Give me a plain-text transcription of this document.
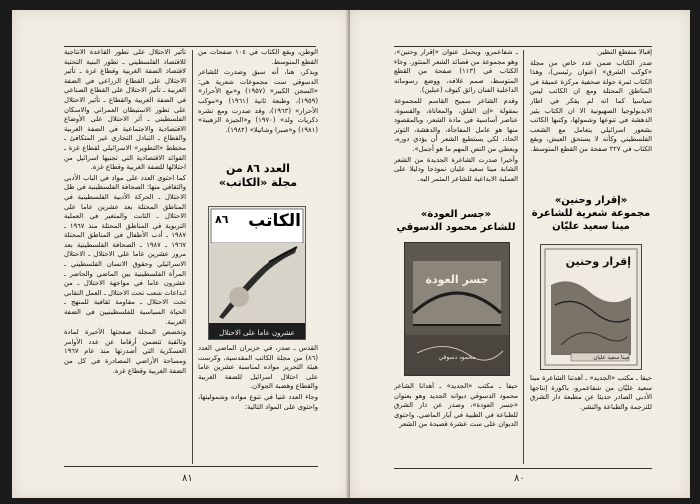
الوطن، ويقع الكتاب في ١٠٤ صفحات من القطع المتوسط.

ويذكر، هنا، أنه سبق وصدرت للشاعر الدسوقي ست مجموعات شعرية هي: «السجن الكبير» (١٩٥٧) و«مع الأحرار» (١٩٥٩)، وطبعة ثانية (١٩٦١) و«موكب الأحرار» (١٩٦٣)، وقد صدرت ومع نشره ذكريات ولد» (١٩٧٠) و«الجيزة الزهبية» (١٩٨١) و«صبرا وشاتيلا» (١٩٨٢).

العدد ٨٦ من
مجلة «الكاتب»
الكاتب
٨٦
عشرون عاما على الاحتلال

القدس ـ صدر، في حزيران الماضي العدد (٨٦) من مجلة الكاتب المقدسية، وكرست هيئة التحرير مواده لمناسبة عشرين عاما على احتلال اسرائيل للضفة الغربية والقطاع وهضبة الجولان.

وجاء العدد غنيا في تنوع مواده وشموليتها، واحتوى على المواد التالية:

تأثير الاحتلال على تطور القاعدة الانتاجية للاقتصاد الفلسطيني ـ تطور البنية التحتية لاقتصاد الضفة الغربية وقطاع غزة ـ تأثير الاحتلال على القطاع الزراعي في الضفة الغربية ـ تأثير الاحتلال على القطاع الصناعي في الضفة الغربية والقطاع ـ تأثير الاحتلال على تطور الاستيطان العمراني والاسكان الفلسطيني ـ أثر الاحتلال على الأوضاع الاقتصادية والاجتماعية في الضفة الغربية والقطاع ـ التبادل التجاري غير المتكافئ ـ مخطط «التطوير» الاسرائيلي لقطاع غزة ـ الفوائد الاقتصادية التي تجنيها اسرائيل من احتلالها للضفة الغربية وقطاع غزة.

كما احتوى العدد على مواد في الباب الأدبي والثقافي منها: الصحافة الفلسطينية في ظل الاحتلال ـ الحركة الأدبية الفلسطينية في المناطق المحتلة بعد عشرين عاما على الاحتلال ـ الثابت والمتغير في العملية التربوية في المناطق المحتلة منذ ١٩٦٧ ـ ١٩٨٧ ـ أدب الأطفال في المناطق المحتلة ١٩٦٧ ـ ١٩٨٧ ـ الصحافة الفلسطينية بعد مرور عشرين عاما على الاحتلال ـ الاحتلال الاسرائيلي وحقوق الانسان الفلسطيني ـ المرأة الفلسطينية بين الماضي والحاضر ـ عشرون عاما في مواجهة الاحتلال ـ من ابداعات شعب تحت الاحتلال ـ العمل النقابي تحت الاحتلال ـ مقاومة ثقافية للمنهج ـ الحياة السياسية للفلسطينيين في الضفة الغربية.

وتخصص المجلة صفحتها الأخيرة لمادة وثائقية تتضمن أرقاما عن عدد الأوامر العسكرية التي أصدرتها منذ عام ١٩٦٧ ومساحة الأراضي المصادرة في كل من الضفة الغربية وقطاع غزة.

٨١

إقبالا منقطع النظير.

صدر الكتاب ضمن عدد خاص من مجلة «كوكب الشرق» (عنوان رئيسي)، وهذا الكتاب ثمرة جولة صحفية مركزة عميقة في المناطق المحتلة ومع ان الكاتب ليس سياسيا كما انه لم يفكر في اطار الايديولوجيا الصهيونية الا ان الكتاب يثير الدهشة في تنوعها وشمولها، وكتبها الكاتب بشعور اسرائيلي يتعامل مع الشعب الفلسطيني وكأنه لا يستحق العيش، ويقع الكتاب في ٢٢٧ صفحة من القطع المتوسط.

«إقرار وحنين»
مجموعة شعرية للشاعرة
مينا سعيد عليّان
إقرار وحنين
مينا سعيد عليان

حيفا ـ مكتب «الجديد» ـ أهدتنا الشاعرة مينا سعيد عليّان من شفاعمرو، باكورة إنتاجها الأدبي الصادر حديثا عن مطبعة دار الشرق للترجمة والطباعة والنشر.

ـ شفاعمرو، ويحمل عنوان «إقرار وحنين»، وهو مجموعة من قصائد الشعر المنثور. وجاء الكتاب في (١١٣) صفحة من القطع المتوسط، صمم غلافه، ووضع رسوماته الداخلية الفنان رائق كيوف (عبلين).

وقدم الشاعر سميح القاسم للمجموعة بمقولة «إن القلق، والمعاناة، والقسوة، عناصر أساسية في مادة الشعر، وبالمقصود منها هو عامل المفاجأة، والدهشة، التوتر الحاد، لكي يستطيع الشعر أن يؤدي دوره، ويعطي من النص المهم ما هو أجمل».

وأخيرا صدرت الشاعرة الجديدة من الشعر الشابة مينا سعيد عليان نموذجا ودليلا على العملية الابداعية للشاعر المثمر اليه.

«جسر العودة»
للشاعر محمود الدسوقي
جسر العودة
محمود دسوقي

حيفا ـ مكتب «الجديد» ـ أهدانا الشاعر محمود الدسوقي ديوانه الجديد وهو بعنوان «جسر العودة»، وصدر عن دار الشرق للطباعة في الطيبة في آيار الماضي. واحتوى الديوان على ست عشرة قصيدة من الشعر

٨٠
